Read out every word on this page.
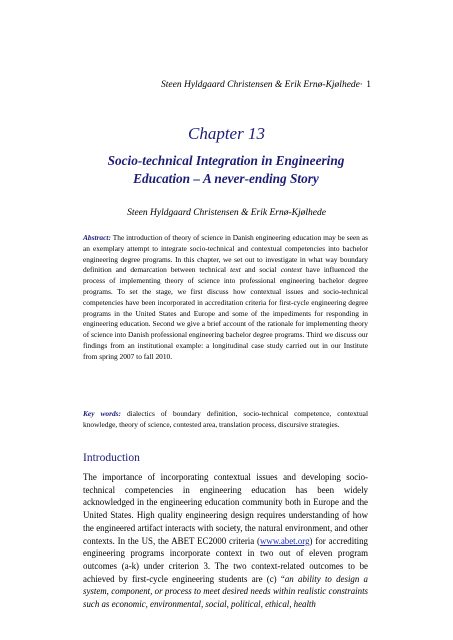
Steen Hyldgaard Christensen & Erik Ernø-Kjølhede· 1
Chapter 13
Socio-technical Integration in Engineering Education – A never-ending Story
Steen Hyldgaard Christensen & Erik Ernø-Kjølhede

Abstract: The introduction of theory of science in Danish engineering education may be seen as an exemplary attempt to integrate socio-technical and contextual competencies into bachelor engineering degree programs. In this chapter, we set out to investigate in what way boundary definition and demarcation between technical text and social context have influenced the process of implementing theory of science into professional engineering bachelor degree programs. To set the stage, we first discuss how contextual issues and socio-technical competencies have been incorporated in accreditation criteria for first-cycle engineering degree programs in the United States and Europe and some of the impediments for responding in engineering education. Second we give a brief account of the rationale for implementing theory of science into Danish professional engineering bachelor degree programs. Third we discuss our findings from an institutional example: a longitudinal case study carried out in our Institute from spring 2007 to fall 2010.

Key words: dialectics of boundary definition, socio-technical competence, contextual knowledge, theory of science, contested area, translation process, discursive strategies.

Introduction

The importance of incorporating contextual issues and developing socio-technical competencies in engineering education has been widely acknowledged in the engineering education community both in Europe and the United States. High quality engineering design requires understanding of how the engineered artifact interacts with society, the natural environment, and other contexts. In the US, the ABET EC2000 criteria (www.abet.org) for accrediting engineering programs incorporate context in two out of eleven program outcomes (a-k) under criterion 3. The two context-related outcomes to be achieved by first-cycle engineering students are (c) “an ability to design a system, component, or process to meet desired needs within realistic constraints such as economic, environmental, social, political, ethical, health
